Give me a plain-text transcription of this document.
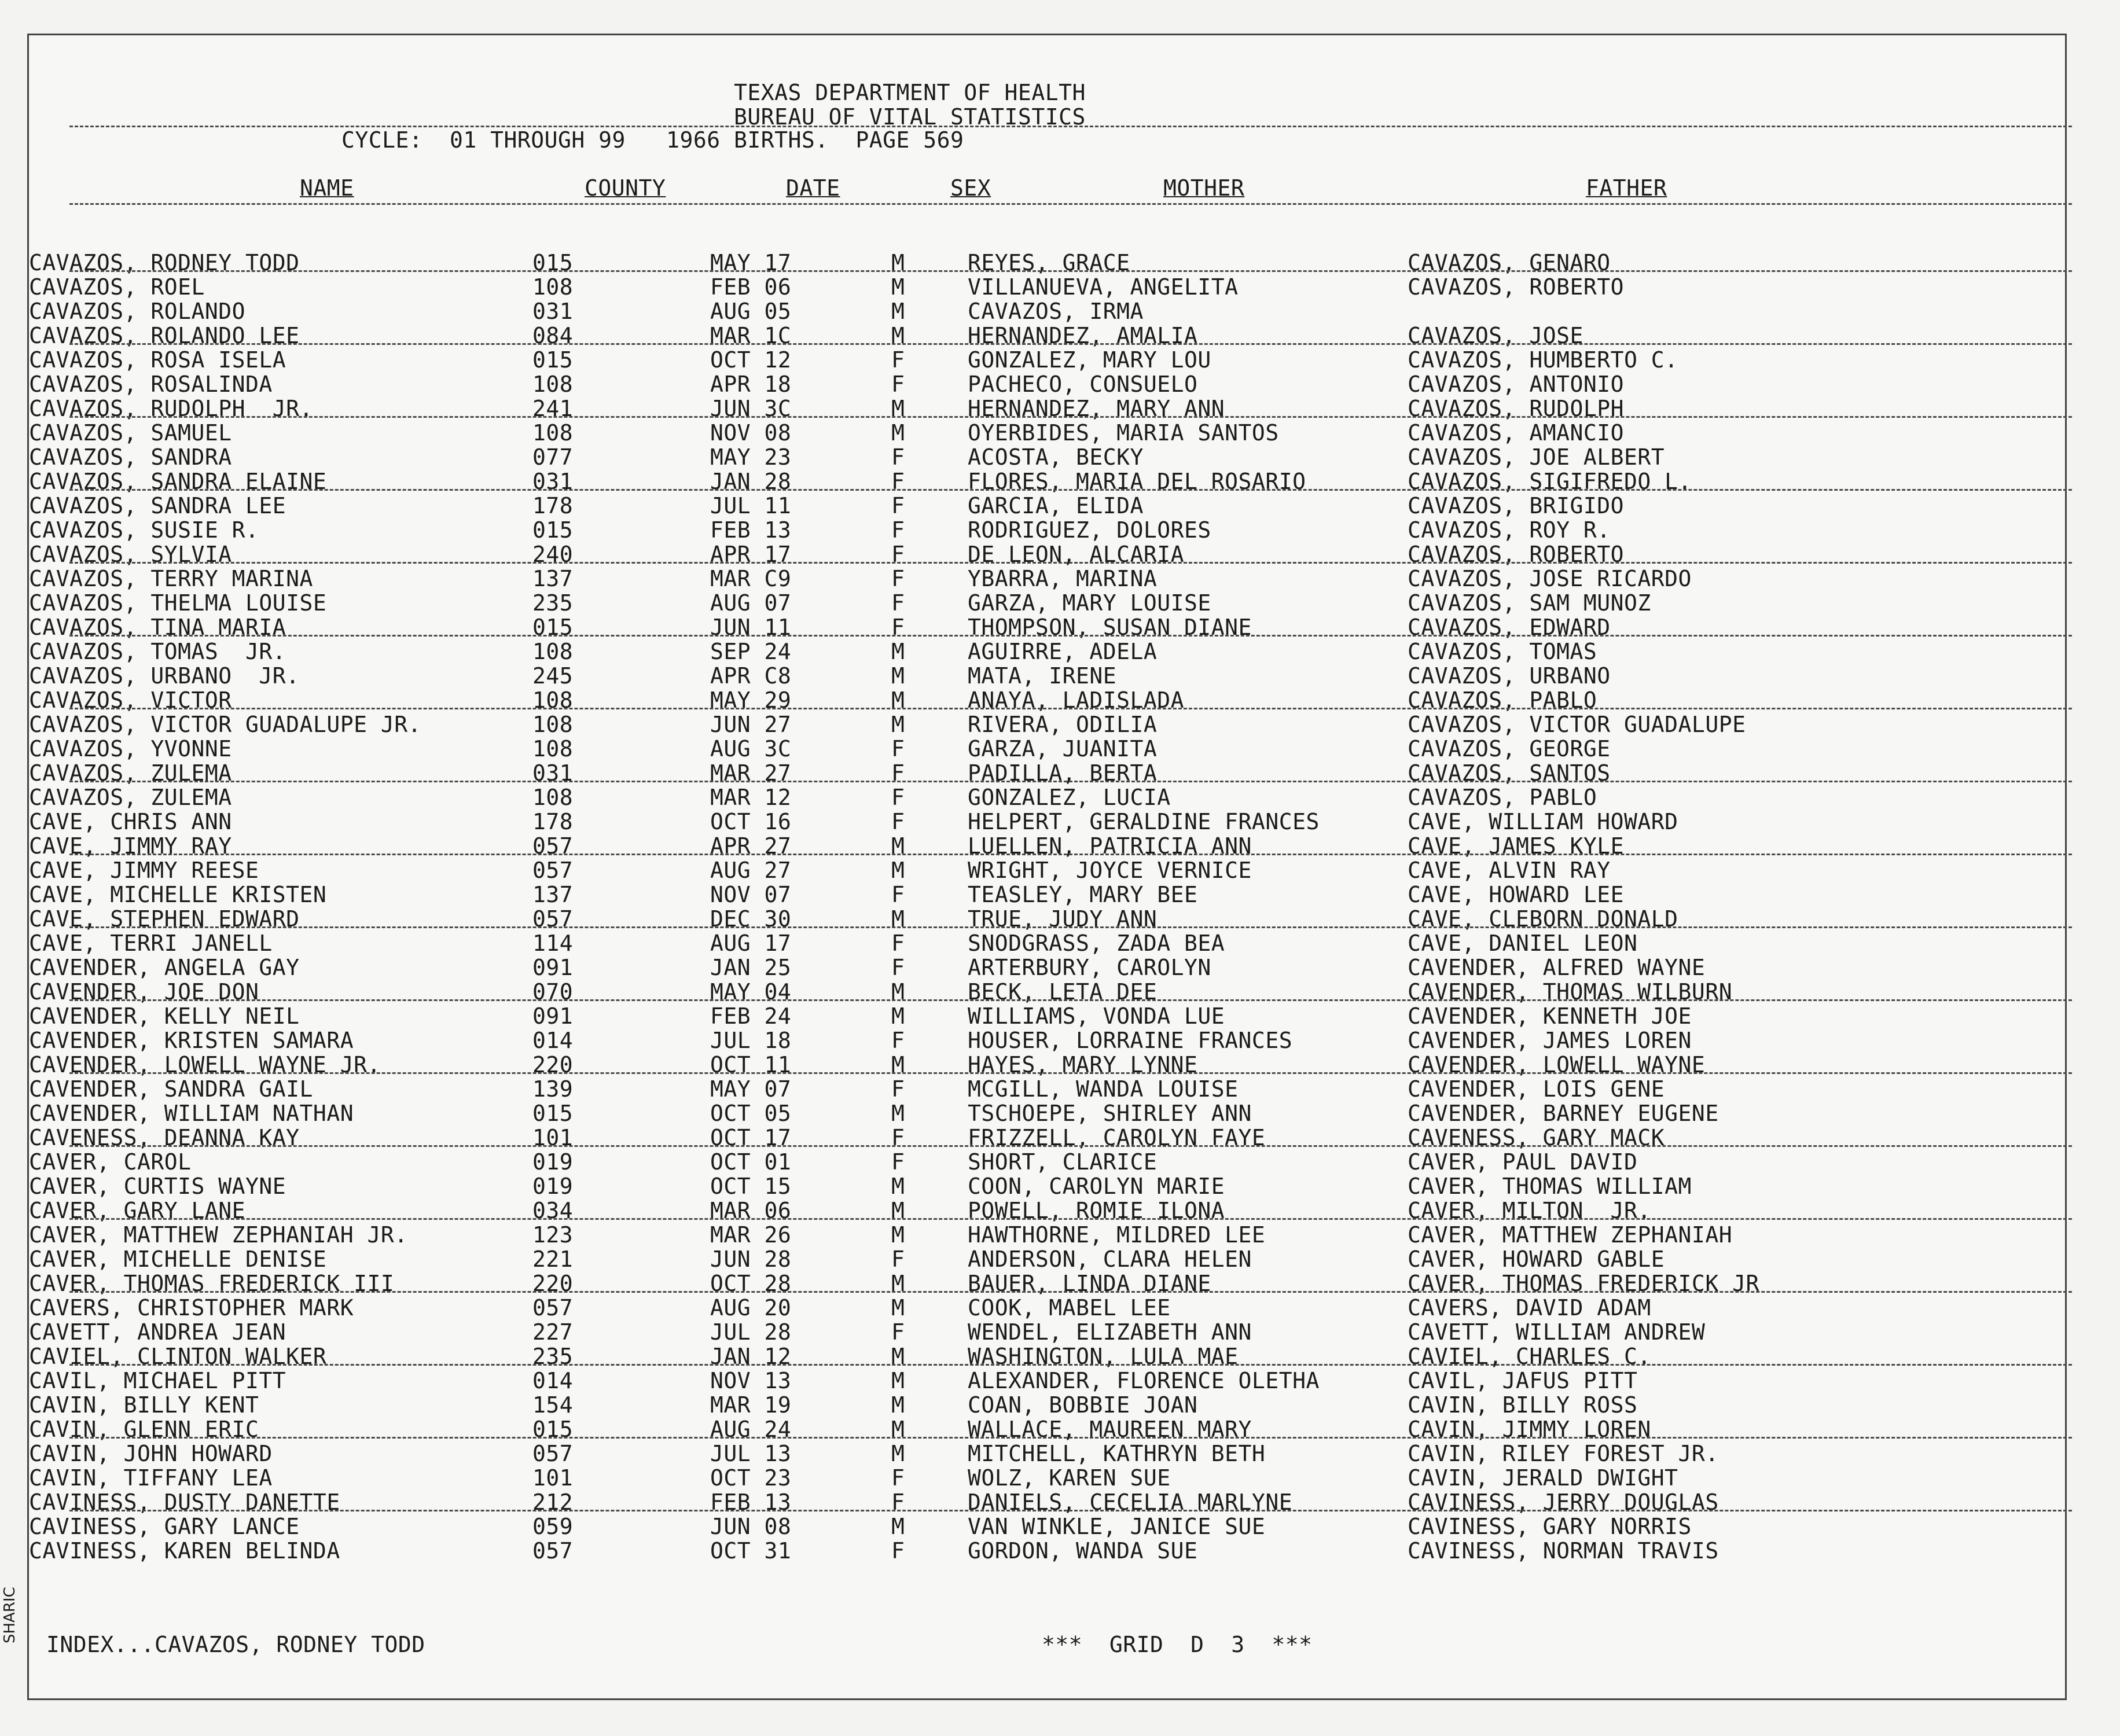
TEXAS DEPARTMENT OF HEALTH
BUREAU OF VITAL STATISTICS
CYCLE:  01 THROUGH 99   1966 BIRTHS.  PAGE 569
NAME	COUNTY	DATE	SEX	MOTHER	FATHER
CAVAZOS, RODNEY TODD	015	MAY 17	M	REYES, GRACE	CAVAZOS, GENARO
CAVAZOS, ROEL	108	FEB 06	M	VILLANUEVA, ANGELITA	CAVAZOS, ROBERTO
CAVAZOS, ROLANDO	031	AUG 05	M	CAVAZOS, IRMA
CAVAZOS, ROLANDO LEE	084	MAR 1C	M	HERNANDEZ, AMALIA	CAVAZOS, JOSE
CAVAZOS, ROSA ISELA	015	OCT 12	F	GONZALEZ, MARY LOU	CAVAZOS, HUMBERTO C.
CAVAZOS, ROSALINDA	108	APR 18	F	PACHECO, CONSUELO	CAVAZOS, ANTONIO
CAVAZOS, RUDOLPH  JR.	241	JUN 3C	M	HERNANDEZ, MARY ANN	CAVAZOS, RUDOLPH
CAVAZOS, SAMUEL	108	NOV 08	M	OYERBIDES, MARIA SANTOS	CAVAZOS, AMANCIO
CAVAZOS, SANDRA	077	MAY 23	F	ACOSTA, BECKY	CAVAZOS, JOE ALBERT
CAVAZOS, SANDRA ELAINE	031	JAN 28	F	FLORES, MARIA DEL ROSARIO	CAVAZOS, SIGIFREDO L.
CAVAZOS, SANDRA LEE	178	JUL 11	F	GARCIA, ELIDA	CAVAZOS, BRIGIDO
CAVAZOS, SUSIE R.	015	FEB 13	F	RODRIGUEZ, DOLORES	CAVAZOS, ROY R.
CAVAZOS, SYLVIA	240	APR 17	F	DE LEON, ALCARIA	CAVAZOS, ROBERTO
CAVAZOS, TERRY MARINA	137	MAR C9	F	YBARRA, MARINA	CAVAZOS, JOSE RICARDO
CAVAZOS, THELMA LOUISE	235	AUG 07	F	GARZA, MARY LOUISE	CAVAZOS, SAM MUNOZ
CAVAZOS, TINA MARIA	015	JUN 11	F	THOMPSON, SUSAN DIANE	CAVAZOS, EDWARD
CAVAZOS, TOMAS  JR.	108	SEP 24	M	AGUIRRE, ADELA	CAVAZOS, TOMAS
CAVAZOS, URBANO  JR.	245	APR C8	M	MATA, IRENE	CAVAZOS, URBANO
CAVAZOS, VICTOR	108	MAY 29	M	ANAYA, LADISLADA	CAVAZOS, PABLO
CAVAZOS, VICTOR GUADALUPE JR.	108	JUN 27	M	RIVERA, ODILIA	CAVAZOS, VICTOR GUADALUPE
CAVAZOS, YVONNE	108	AUG 3C	F	GARZA, JUANITA	CAVAZOS, GEORGE
CAVAZOS, ZULEMA	031	MAR 27	F	PADILLA, BERTA	CAVAZOS, SANTOS
CAVAZOS, ZULEMA	108	MAR 12	F	GONZALEZ, LUCIA	CAVAZOS, PABLO
CAVE, CHRIS ANN	178	OCT 16	F	HELPERT, GERALDINE FRANCES	CAVE, WILLIAM HOWARD
CAVE, JIMMY RAY	057	APR 27	M	LUELLEN, PATRICIA ANN	CAVE, JAMES KYLE
CAVE, JIMMY REESE	057	AUG 27	M	WRIGHT, JOYCE VERNICE	CAVE, ALVIN RAY
CAVE, MICHELLE KRISTEN	137	NOV 07	F	TEASLEY, MARY BEE	CAVE, HOWARD LEE
CAVE, STEPHEN EDWARD	057	DEC 30	M	TRUE, JUDY ANN	CAVE, CLEBORN DONALD
CAVE, TERRI JANELL	114	AUG 17	F	SNODGRASS, ZADA BEA	CAVE, DANIEL LEON
CAVENDER, ANGELA GAY	091	JAN 25	F	ARTERBURY, CAROLYN	CAVENDER, ALFRED WAYNE
CAVENDER, JOE DON	070	MAY 04	M	BECK, LETA DEE	CAVENDER, THOMAS WILBURN
CAVENDER, KELLY NEIL	091	FEB 24	M	WILLIAMS, VONDA LUE	CAVENDER, KENNETH JOE
CAVENDER, KRISTEN SAMARA	014	JUL 18	F	HOUSER, LORRAINE FRANCES	CAVENDER, JAMES LOREN
CAVENDER, LOWELL WAYNE JR.	220	OCT 11	M	HAYES, MARY LYNNE	CAVENDER, LOWELL WAYNE
CAVENDER, SANDRA GAIL	139	MAY 07	F	MCGILL, WANDA LOUISE	CAVENDER, LOIS GENE
CAVENDER, WILLIAM NATHAN	015	OCT 05	M	TSCHOEPE, SHIRLEY ANN	CAVENDER, BARNEY EUGENE
CAVENESS, DEANNA KAY	101	OCT 17	F	FRIZZELL, CAROLYN FAYE	CAVENESS, GARY MACK
CAVER, CAROL	019	OCT 01	F	SHORT, CLARICE	CAVER, PAUL DAVID
CAVER, CURTIS WAYNE	019	OCT 15	M	COON, CAROLYN MARIE	CAVER, THOMAS WILLIAM
CAVER, GARY LANE	034	MAR 06	M	POWELL, ROMIE ILONA	CAVER, MILTON  JR.
CAVER, MATTHEW ZEPHANIAH JR.	123	MAR 26	M	HAWTHORNE, MILDRED LEE	CAVER, MATTHEW ZEPHANIAH
CAVER, MICHELLE DENISE	221	JUN 28	F	ANDERSON, CLARA HELEN	CAVER, HOWARD GABLE
CAVER, THOMAS FREDERICK III	220	OCT 28	M	BAUER, LINDA DIANE	CAVER, THOMAS FREDERICK JR
CAVERS, CHRISTOPHER MARK	057	AUG 20	M	COOK, MABEL LEE	CAVERS, DAVID ADAM
CAVETT, ANDREA JEAN	227	JUL 28	F	WENDEL, ELIZABETH ANN	CAVETT, WILLIAM ANDREW
CAVIEL, CLINTON WALKER	235	JAN 12	M	WASHINGTON, LULA MAE	CAVIEL, CHARLES C.
CAVIL, MICHAEL PITT	014	NOV 13	M	ALEXANDER, FLORENCE OLETHA	CAVIL, JAFUS PITT
CAVIN, BILLY KENT	154	MAR 19	M	COAN, BOBBIE JOAN	CAVIN, BILLY ROSS
CAVIN, GLENN ERIC	015	AUG 24	M	WALLACE, MAUREEN MARY	CAVIN, JIMMY LOREN
CAVIN, JOHN HOWARD	057	JUL 13	M	MITCHELL, KATHRYN BETH	CAVIN, RILEY FOREST JR.
CAVIN, TIFFANY LEA	101	OCT 23	F	WOLZ, KAREN SUE	CAVIN, JERALD DWIGHT
CAVINESS, DUSTY DANETTE	212	FEB 13	F	DANIELS, CECELIA MARLYNE	CAVINESS, JERRY DOUGLAS
CAVINESS, GARY LANCE	059	JUN 08	M	VAN WINKLE, JANICE SUE	CAVINESS, GARY NORRIS
CAVINESS, KAREN BELINDA	057	OCT 31	F	GORDON, WANDA SUE	CAVINESS, NORMAN TRAVIS
INDEX...CAVAZOS, RODNEY TODD	***  GRID  D  3  ***
SHARIC
